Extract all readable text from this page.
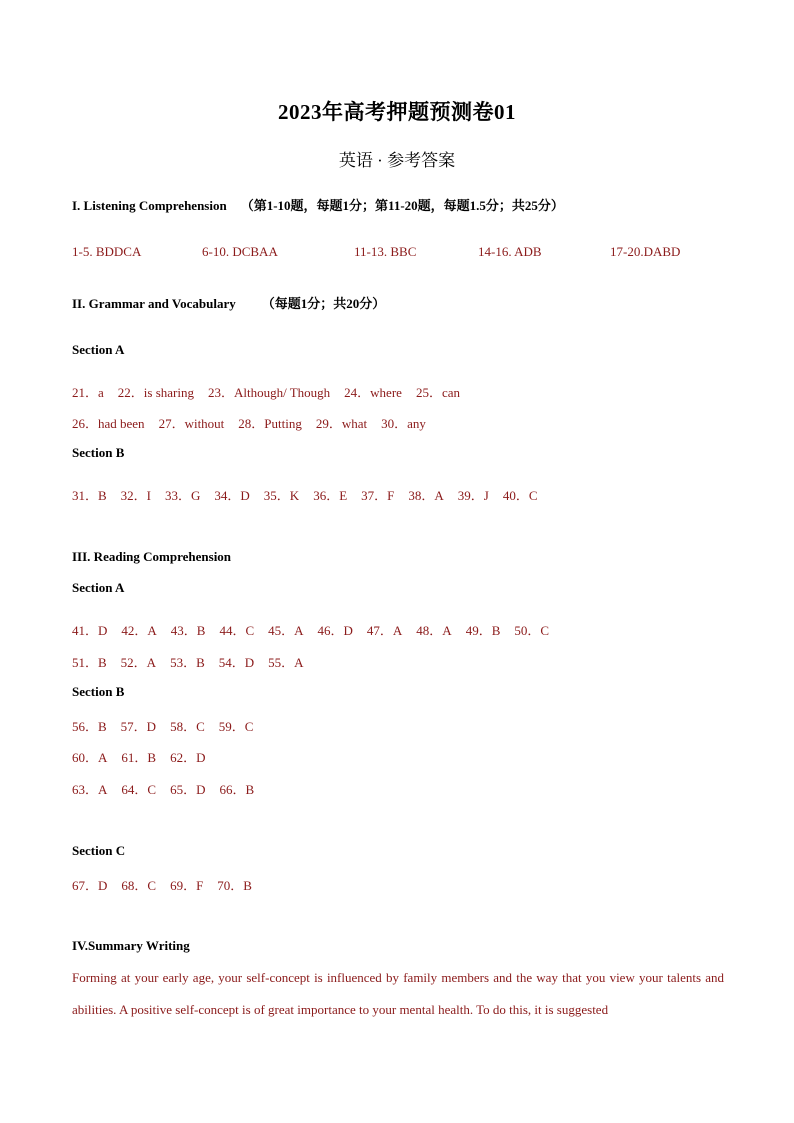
2023年高考押题预测卷01
英语 · 参考答案
I. Listening Comprehension （第1-10题，每题1分；第11-20题，每题1.5分；共25分）
1-5. BDDCA	6-10. DCBAA	11-13. BBC	14-16. ADB	17-20.DABD
II. Grammar and Vocabulary （每题1分；共20分）
Section A
21．a 22．is sharing 23．Although/ Though 24．where 25．can
26．had been 27．without 28．Putting 29．what 30．any
Section B
31．B 32．I 33．G 34．D 35．K 36．E 37．F 38．A 39．J 40．C
III. Reading Comprehension
Section A
41．D 42．A 43．B 44．C 45．A 46．D 47．A 48．A 49．B 50．C
51．B 52．A 53．B 54．D 55．A
Section B
56．B 57．D 58．C 59．C
60．A 61．B 62．D
63．A 64．C 65．D 66．B
Section C
67．D 68．C 69．F 70．B
IV.Summary Writing
Forming at your early age, your self-concept is influenced by family members and the way that you view your talents and abilities. A positive self-concept is of great importance to your mental health. To do this, it is suggested
